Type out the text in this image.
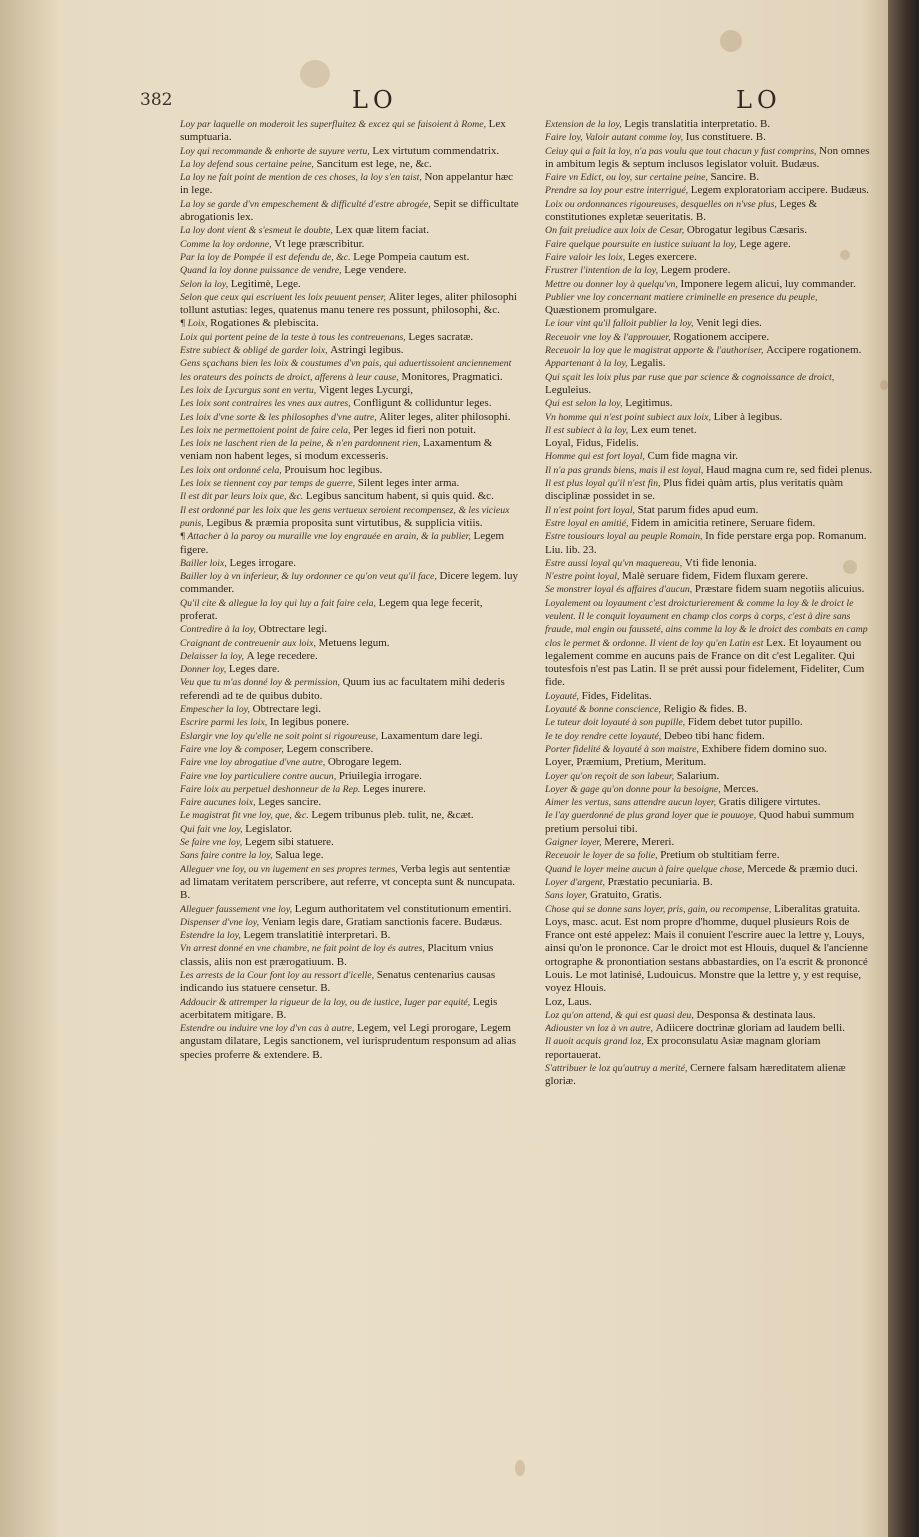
382	LO	LO

Loy par laquelle on moderoit les superfluitez & excez qui se faisoient à Rome, Lex sumptuaria.

Loy qui recommande & enhorte de suyure vertu, Lex virtutum commendatrix.

La loy defend sous certaine peine, Sancitum est lege, ne, &c.

La loy ne fait point de mention de ces choses, la loy s'en taist, Non appelantur hæc in lege.

La loy se garde d'vn empeschement & difficulté d'estre abrogée, Sepit se difficultate abrogationis lex.

La loy dont vient & s'esmeut le doubte, Lex quæ litem faciat.

Comme la loy ordonne, Vt lege præscribitur.

Par la loy de Pompée il est defendu de, &c. Lege Pompeia cautum est.

Quand la loy donne puissance de vendre, Lege vendere.

Selon la loy, Legitimè, Lege.

Selon que ceux qui escriuent les loix peuuent penser, Aliter leges, aliter philosophi tollunt astutias: leges, quatenus manu tenere res possunt, philosophi, &c.

¶ Loix, Rogationes & plebiscita.

Loix qui portent peine de la teste à tous les contreuenans, Leges sacratæ.

Estre subiect & obligé de garder loix, Astringi legibus.

Gens sçachans bien les loix & coustumes d'vn pais, qui aduertissoient anciennement les orateurs des poincts de droict, afferens à leur cause, Monitores, Pragmatici.

Les loix de Lycurgus sont en vertu, Vigent leges Lycurgi,

Les loix sont contraires les vnes aux autres, Confligunt & colliduntur leges.

Les loix d'vne sorte & les philosophes d'vne autre, Aliter leges, aliter philosophi.

Les loix ne permettoient point de faire cela, Per leges id fieri non potuit.

Les loix ne laschent rien de la peine, & n'en pardonnent rien, Laxamentum & veniam non habent leges, si modum excesseris.

Les loix ont ordonné cela, Prouisum hoc legibus.

Les loix se tiennent coy par temps de guerre, Silent leges inter arma.

Il est dit par leurs loix que, &c. Legibus sancitum habent, si quis quid. &c.

Il est ordonné par les loix que les gens vertueux seroient recompensez, & les vicieux punis, Legibus & præmia proposita sunt virtutibus, & supplicia vitiis.

¶ Attacher à la paroy ou muraille vne loy engrauée en arain, & la publier, Legem figere.

Bailler loix, Leges irrogare.

Bailler loy à vn inferieur, & luy ordonner ce qu'on veut qu'il face, Dicere legem. luy commander.

Qu'il cite & allegue la loy qui luy a fait faire cela, Legem qua lege fecerit, proferat.

Contredire à la loy, Obtrectare legi.

Craignant de contreuenir aux loix, Metuens legum.

Delaisser la loy, A lege recedere.

Donner loy, Leges dare.

Veu que tu m'as donné loy & permission, Quum ius ac facultatem mihi dederis referendi ad te de quibus dubito.

Empescher la loy, Obtrectare legi.

Escrire parmi les loix, In legibus ponere.

Eslargir vne loy qu'elle ne soit point si rigoureuse, Laxamentum dare legi.

Faire vne loy & composer, Legem conscribere.

Faire vne loy abrogatiue d'vne autre, Obrogare legem.

Faire vne loy particuliere contre aucun, Priuilegia irrogare.

Faire loix au perpetuel deshonneur de la Rep. Leges inurere.

Faire aucunes loix, Leges sancire.

Le magistrat fit vne loy, que, &c. Legem tribunus pleb. tulit, ne, &cæt.

Qui fait vne loy, Legislator.

Se faire vne loy, Legem sibi statuere.

Sans faire contre la loy, Salua lege.

Alleguer vne loy, ou vn iugement en ses propres termes, Verba legis aut sententiæ ad limatam veritatem perscribere, aut referre, vt concepta sunt & nuncupata. B.

Alleguer faussement vne loy, Legum authoritatem vel constitutionum ementiri.

Dispenser d'vne loy, Veniam legis dare, Gratiam sanctionis facere. Budæus.

Estendre la loy, Legem translatitiè interpretari. B.

Vn arrest donné en vne chambre, ne fait point de loy és autres, Placitum vnius classis, aliis non est prærogatiuum. B.

Les arrests de la Cour font loy au ressort d'icelle, Senatus centenarius causas indicando ius statuere censetur. B.

Addoucir & attremper la rigueur de la loy, ou de iustice, Iuger par equité, Legis acerbitatem mitigare. B.

Estendre ou induire vne loy d'vn cas à autre, Legem, vel Legi prorogare, Legem angustam dilatare, Legis sanctionem, vel iurisprudentum responsum ad alias species proferre & extendere. B.

Extension de la loy, Legis translatitia interpretatio. B.

Faire loy, Valoir autant comme loy, Ius constituere. B.

Ceiuy qui a fait la loy, n'a pas voulu que tout chacun y fust comprins, Non omnes in ambitum legis & septum inclusos legislator voluit. Budæus.

Faire vn Edict, ou loy, sur certaine peine, Sancire. B.

Prendre sa loy pour estre interrigué, Legem exploratoriam accipere. Budæus.

Loix ou ordonnances rigoureuses, desquelles on n'vse plus, Leges & constitutiones expletæ seueritatis. B.

On fait preiudice aux loix de Cesar, Obrogatur legibus Cæsaris.

Faire quelque poursuite en iustice suiuant la loy, Lege agere.

Faire valoir les loix, Leges exercere.

Frustrer l'intention de la loy, Legem prodere.

Mettre ou donner loy à quelqu'vn, Imponere legem alicui, luy commander.

Publier vne loy concernant matiere criminelle en presence du peuple, Quæstionem promulgare.

Le iour vint qu'il falloit publier la loy, Venit legi dies.

Receuoir vne loy & l'approuuer, Rogationem accipere.

Receuoir la loy que le magistrat apporte & l'authoriser, Accipere rogationem.

Appartenant à la loy, Legalis.

Qui sçait les loix plus par ruse que par science & cognoissance de droict, Leguleius.

Qui est selon la loy, Legitimus.

Vn homme qui n'est point subiect aux loix, Liber à legibus.

Il est subiect à la loy, Lex eum tenet.

Loyal, Fidus, Fidelis.

Homme qui est fort loyal, Cum fide magna vir.

Il n'a pas grands biens, mais il est loyal, Haud magna cum re, sed fidei plenus.

Il est plus loyal qu'il n'est fin, Plus fidei quàm artis, plus veritatis quàm disciplinæ possidet in se.

Il n'est point fort loyal, Stat parum fides apud eum.

Estre loyal en amitié, Fidem in amicitia retinere, Seruare fidem.

Estre tousiours loyal au peuple Romain, In fide perstare erga pop. Romanum. Liu. lib. 23.

Estre aussi loyal qu'vn maquereau, Vti fide lenonia.

N'estre point loyal, Malè seruare fidem, Fidem fluxam gerere.

Se monstrer loyal és affaires d'aucun, Præstare fidem suam negotiis alicuius.

Loyalement ou loyaument c'est droicturierement & comme la loy & le droict le veulent. Il le conquit loyaument en champ clos corps à corps, c'est à dire sans fraude, mal engin ou fausseté, ains comme la loy & le droict des combats en camp clos le permet & ordonne. Il vient de loy qu'en Latin est Lex. Et loyaument ou legalement comme en aucuns pais de France on dit c'est Legaliter. Qui toutesfois n'est pas Latin. Il se prét aussi pour fidelement, Fideliter, Cum fide.

Loyauté, Fides, Fidelitas.

Loyauté & bonne conscience, Religio & fides. B.

Le tuteur doit loyauté à son pupille, Fidem debet tutor pupillo.

Ie te doy rendre cette loyauté, Debeo tibi hanc fidem.

Porter fidelité & loyauté à son maistre, Exhibere fidem domino suo.

Loyer, Præmium, Pretium, Meritum.

Loyer qu'on reçoit de son labeur, Salarium.

Loyer & gage qu'on donne pour la besoigne, Merces.

Aimer les vertus, sans attendre aucun loyer, Gratis diligere virtutes.

Ie l'ay guerdonné de plus grand loyer que ie pouuoye, Quod habui summum pretium persolui tibi.

Gaigner loyer, Merere, Mereri.

Receuoir le loyer de sa folie, Pretium ob stultitiam ferre.

Quand le loyer meine aucun à faire quelque chose, Mercede & præmio duci.

Loyer d'argent, Præstatio pecuniaria. B.

Sans loyer, Gratuito, Gratis.

Chose qui se donne sans loyer, pris, gain, ou recompense, Liberalitas gratuita.

Loys, masc. acut. Est nom propre d'homme, duquel plusieurs Rois de France ont esté appelez: Mais il conuient l'escrire auec la lettre y, Louys, ainsi qu'on le prononce. Car le droict mot est Hlouis, duquel & l'ancienne ortographe & pronontiation sestans abbastardies, on l'a escrit & prononcé Louis. Le mot latinisé, Ludouicus. Monstre que la lettre y, y est requise, voyez Hlouis.

Loz, Laus.

Loz qu'on attend, & qui est quasi deu, Desponsa & destinata laus.

Adiouster vn loz à vn autre, Adiicere doctrinæ gloriam ad laudem belli.

Il auoit acquis grand loz, Ex proconsulatu Asiæ magnam gloriam reportauerat.

S'attribuer le loz qu'autruy a merité, Cernere falsam hæreditatem alienæ gloriæ.
